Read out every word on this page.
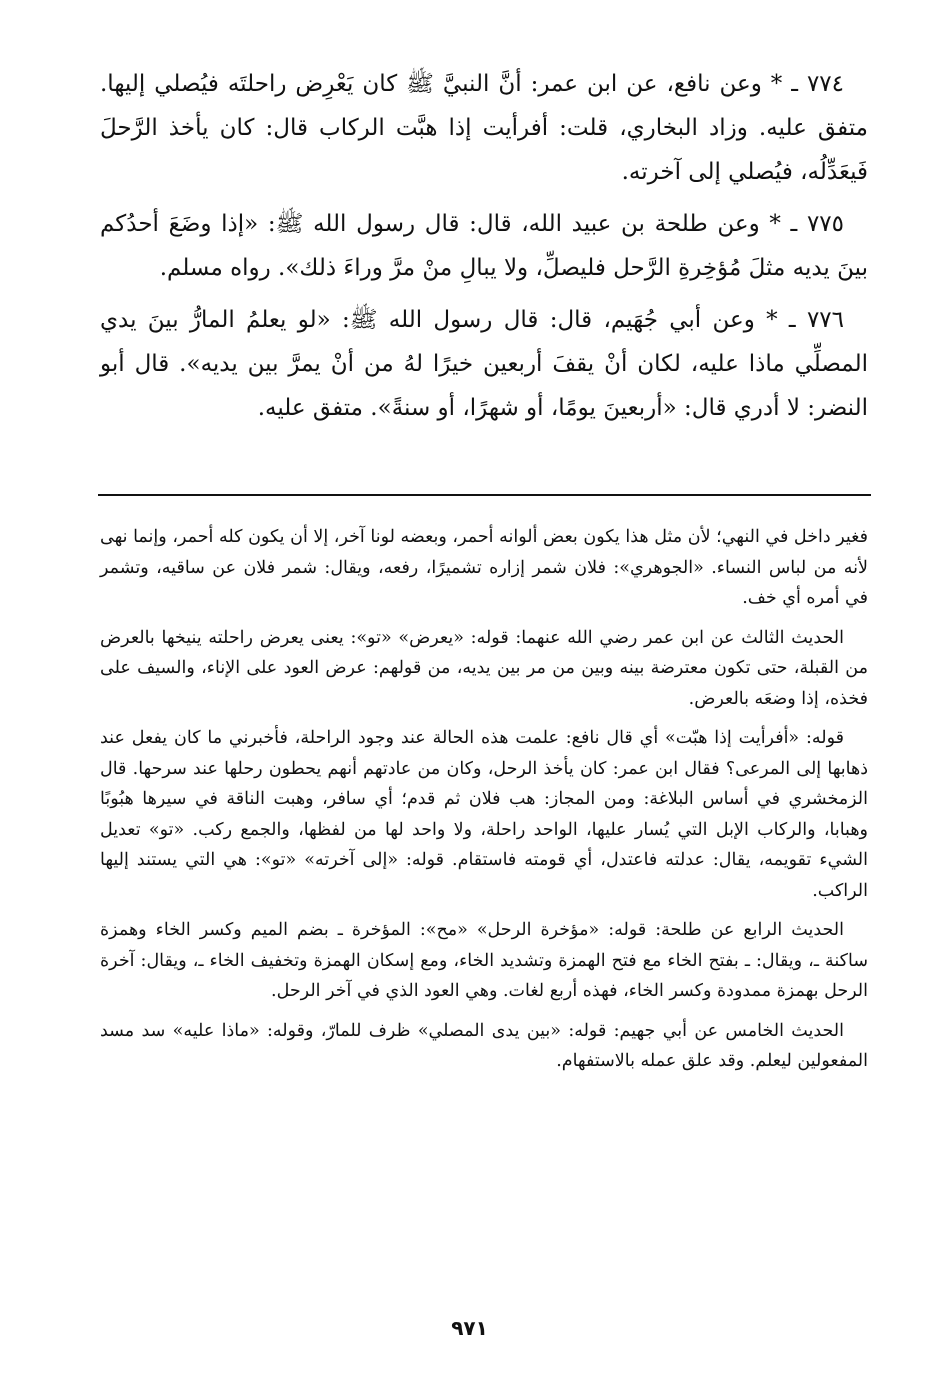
٧٧٤ ـ * وعن نافع، عن ابن عمر: أنَّ النبيَّ ﷺ كان يَعْرِض راحلتَه فيُصلي إليها. متفق عليه. وزاد البخاري، قلت: أفرأيت إذا هبَّت الركاب قال: كان يأخذ الرَّحلَ فَيعَدِّلُه، فيُصلي إلى آخرته.

٧٧٥ ـ * وعن طلحة بن عبيد الله، قال: قال رسول الله ﷺ: «إذا وضَعَ أحدُكم بينَ يديه مثلَ مُؤخِرةِ الرَّحل فليصلِّ، ولا يبالِ منْ مرَّ وراءَ ذلك». رواه مسلم.

٧٧٦ ـ * وعن أبي جُهَيم، قال: قال رسول الله ﷺ: «لو يعلمُ المارُّ بينَ يدي المصلِّي ماذا عليه، لكان أنْ يقفَ أربعين خيرًا لهُ من أنْ يمرَّ بين يديه». قال أبو النضر: لا أدري قال: «أربعينَ يومًا، أو شهرًا، أو سنةً». متفق عليه.

فغير داخل في النهي؛ لأن مثل هذا يكون بعض ألوانه أحمر، وبعضه لونا آخر، إلا أن يكون كله أحمر، وإنما نهى لأنه من لباس النساء. «الجوهري»: فلان شمر إزاره تشميرًا، رفعه، ويقال: شمر فلان عن ساقيه، وتشمر في أمره أي خف.

الحديث الثالث عن ابن عمر رضي الله عنهما: قوله: «يعرض» «تو»: يعنى يعرض راحلته ينيخها بالعرض من القبلة، حتى تكون معترضة بينه وبين من مر بين يديه، من قولهم: عرض العود على الإناء، والسيف على فخذه، إذا وضعَه بالعرض.

قوله: «أفرأيت إذا هبّت» أي قال نافع: علمت هذه الحالة عند وجود الراحلة، فأخبرني ما كان يفعل عند ذهابها إلى المرعى؟ فقال ابن عمر: كان يأخذ الرحل، وكان من عادتهم أنهم يحطون رحلها عند سرحها. قال الزمخشري في أساس البلاغة: ومن المجاز: هب فلان ثم قدم؛ أي سافر، وهبت الناقة في سيرها هبُوبًا وهبابا، والركاب الإبل التي يُسار عليها، الواحد راحلة، ولا واحد لها من لفظها، والجمع ركب. «تو» تعديل الشيء تقويمه، يقال: عدلته فاعتدل، أي قومته فاستقام. قوله: «إلى آخرته» «تو»: هي التي يستند إليها الراكب.

الحديث الرابع عن طلحة: قوله: «مؤخرة الرحل» «مح»: المؤخرة ـ بضم الميم وكسر الخاء وهمزة ساكنة ـ، ويقال: ـ بفتح الخاء مع فتح الهمزة وتشديد الخاء، ومع إسكان الهمزة وتخفيف الخاء ـ، ويقال: آخرة الرحل بهمزة ممدودة وكسر الخاء، فهذه أربع لغات. وهي العود الذي في آخر الرحل.

الحديث الخامس عن أبي جهيم: قوله: «بين يدى المصلي» ظرف للمارّ، وقوله: «ماذا عليه» سد مسد المفعولين ليعلم. وقد علق عمله بالاستفهام.

٩٧١
